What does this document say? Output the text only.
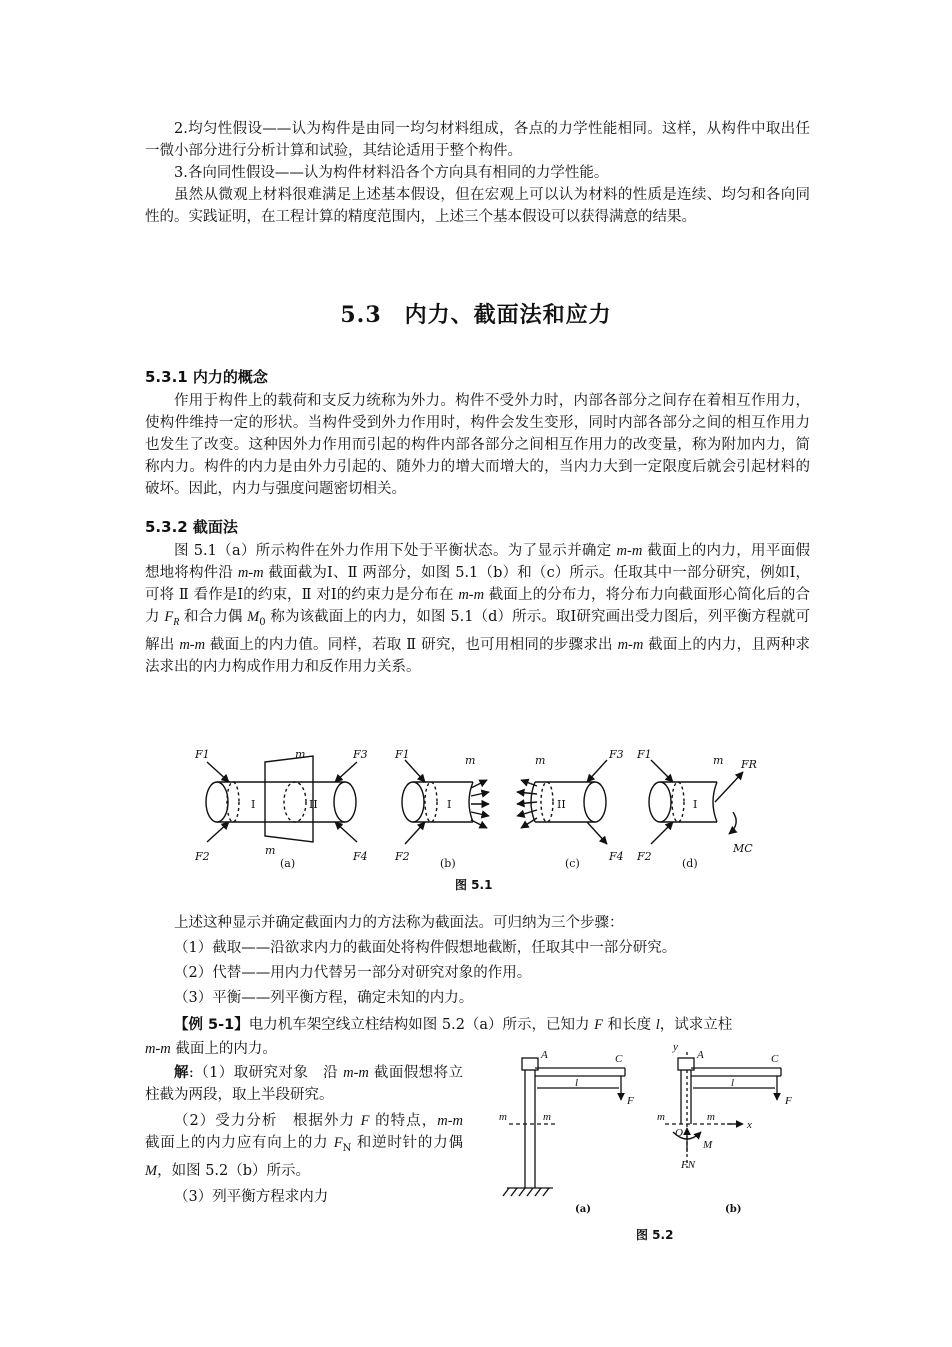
2.均匀性假设——认为构件是由同一均匀材料组成，各点的力学性能相同。这样，从构件中取出任一微小部分进行分析计算和试验，其结论适用于整个构件。

3.各向同性假设——认为构件材料沿各个方向具有相同的力学性能。

虽然从微观上材料很难满足上述基本假设，但在宏观上可以认为材料的性质是连续、均匀和各向同性的。实践证明，在工程计算的精度范围内，上述三个基本假设可以获得满意的结果。

5.3　内力、截面法和应力
5.3.1 内力的概念

作用于构件上的载荷和支反力统称为外力。构件不受外力时，内部各部分之间存在着相互作用力，使构件维持一定的形状。当构件受到外力作用时，构件会发生变形，同时内部各部分之间的相互作用力也发生了改变。这种因外力作用而引起的构件内部各部分之间相互作用力的改变量，称为附加内力，简称内力。构件的内力是由外力引起的、随外力的增大而增大的，当内力大到一定限度后就会引起材料的破坏。因此，内力与强度问题密切相关。

5.3.2 截面法

图 5.1（a）所示构件在外力作用下处于平衡状态。为了显示并确定 m-m 截面上的内力，用平面假想地将构件沿 m-m 截面截为Ⅰ、Ⅱ 两部分，如图 5.1（b）和（c）所示。任取其中一部分研究，例如Ⅰ，可将 Ⅱ 看作是Ⅰ的约束，Ⅱ 对Ⅰ的约束力是分布在 m-m 截面上的分布力，将分布力向截面形心简化后的合力 $F_R$ 和合力偶 $M_0$ 称为该截面上的内力，如图 5.1（d）所示。取Ⅰ研究画出受力图后，列平衡方程就可解出 m-m 截面上的内力值。同样，若取 Ⅱ 研究，也可用相同的步骤求出 m-m 截面上的内力，且两种求法求出的内力构成作用力和反作用力关系。

F1
F2
F3
F4
m
m
I	II
F1
F2
m
I
m
II
F3
F4
F1
F2
I
m FR
MC
(a)	(b)	(c)	(d)
图 5.1
上述这种显示并确定截面内力的方法称为截面法。可归纳为三个步骤：
（1）截取——沿欲求内力的截面处将构件假想地截断，任取其中一部分研究。
（2）代替——用内力代替另一部分对研究对象的作用。
（3）平衡——列平衡方程，确定未知的内力。

【例 5-1】电力机车架空线立柱结构如图 5.2（a）所示，已知力 F 和长度 l，试求立柱

m-m 截面上的内力。

解:（1）取研究对象　沿 m-m 截面假想将立柱截为两段，取上半段研究。

（2）受力分析　根据外力 F 的特点，m-m 截面上的内力应有向上的力 $F_N$ 和逆时针的力偶 M，如图 5.2（b）所示。

（3）列平衡方程求内力

A	C
l
F
m	m
y
A	C
l
F
m	m
x
O
M
FN
(a)	(b)
图 5.2
